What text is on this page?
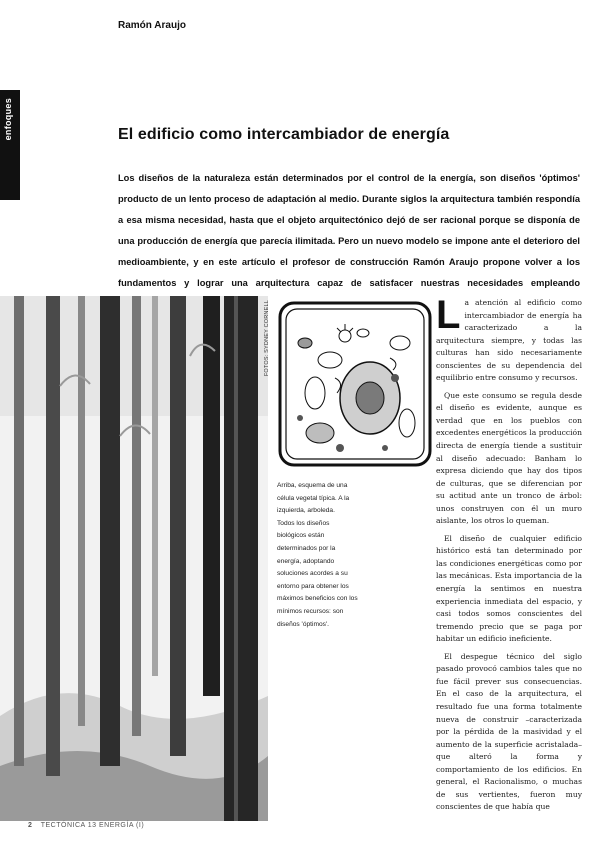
Ramón Araujo
enfoques	El edificio como intercambiador de energía
Los diseños de la naturaleza están determinados por el control de la energía, son diseños 'óptimos' producto de un lento proceso de adaptación al medio. Durante siglos la arquitectura también respondía a esa misma necesidad, hasta que el objeto arquitectónico dejó de ser racional porque se disponía de una producción de energía que parecía ilimitada. Pero un nuevo modelo se impone ante el deterioro del medioambiente, y en este artículo el profesor de construcción Ramón Araujo propone volver a los fundamentos y lograr una arquitectura capaz de satisfacer nuestras necesidades empleando
FOTOS: SYDNEY CORNELL

Arriba, esquema de una célula vegetal típica. A la izquierda, arboleda.

Todos los diseños biológicos están determinados por la energía, adoptando soluciones acordes a su entorno para obtener los máximos beneficios con los mínimos recursos: son diseños 'óptimos'.

L a atención al edificio como intercambiador de energía ha caracterizado a la arquitectura siempre, y todas las culturas han sido necesariamente conscientes de su dependencia del equilibrio entre consumo y recursos.

Que este consumo se regula desde el diseño es evidente, aunque es verdad que en los pueblos con excedentes energéticos la producción directa de energía tiende a sustituir al diseño adecuado: Banham lo expresa diciendo que hay dos tipos de culturas, que se diferencian por su actitud ante un tronco de árbol: unos construyen con él un muro aislante, los otros lo queman.

El diseño de cualquier edificio histórico está tan determinado por las condiciones energéticas como por las mecánicas. Esta importancia de la energía la sentimos en nuestra experiencia inmediata del espacio, y casi todos somos conscientes del tremendo precio que se paga por habitar un edificio ineficiente.

El despegue técnico del siglo pasado provocó cambios tales que no fue fácil prever sus consecuencias. En el caso de la arquitectura, el resultado fue una forma totalmente nueva de construir –caracterizada por la pérdida de la masividad y el aumento de la superficie acristalada– que alteró la forma y comportamiento de los edificios. En general, el Racionalismo, o muchas de sus vertientes, fueron muy conscientes de que había que

2 TECTÓNICA 13 ENERGÍA (I)
